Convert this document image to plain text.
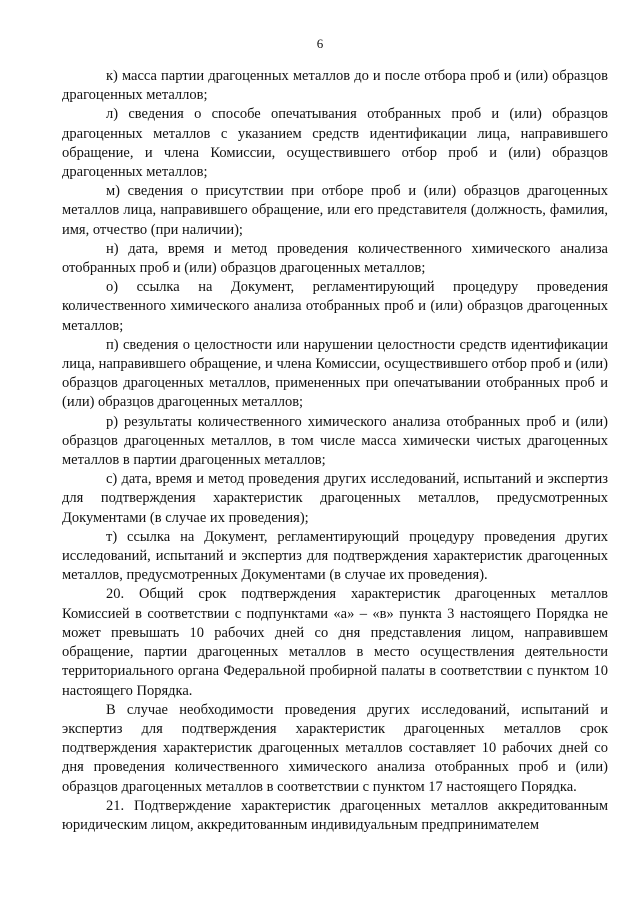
6

к) масса партии драгоценных металлов до и после отбора проб и (или) образцов драгоценных металлов;

л) сведения о способе опечатывания отобранных проб и (или) образцов драгоценных металлов с указанием средств идентификации лица, направившего обращение, и члена Комиссии, осуществившего отбор проб и (или) образцов драгоценных металлов;

м) сведения о присутствии при отборе проб и (или) образцов драгоценных металлов лица, направившего обращение, или его представителя (должность, фамилия, имя, отчество (при наличии);

н) дата, время и метод проведения количественного химического анализа отобранных проб и (или) образцов драгоценных металлов;

о) ссылка на Документ, регламентирующий процедуру проведения количественного химического анализа отобранных проб и (или) образцов драгоценных металлов;

п) сведения о целостности или нарушении целостности средств идентификации лица, направившего обращение, и члена Комиссии, осуществившего отбор проб и (или) образцов драгоценных металлов, примененных при опечатывании отобранных проб и (или) образцов драгоценных металлов;

р) результаты количественного химического анализа отобранных проб и (или) образцов драгоценных металлов, в том числе масса химически чистых драгоценных металлов в партии драгоценных металлов;

с) дата, время и метод проведения других исследований, испытаний и экспертиз для подтверждения характеристик драгоценных металлов, предусмотренных Документами (в случае их проведения);

т) ссылка на Документ, регламентирующий процедуру проведения других исследований, испытаний и экспертиз для подтверждения характеристик драгоценных металлов, предусмотренных Документами (в случае их проведения).

20. Общий срок подтверждения характеристик драгоценных металлов Комиссией в соответствии с подпунктами «а» – «в» пункта 3 настоящего Порядка не может превышать 10 рабочих дней со дня представления лицом, направившем обращение, партии драгоценных металлов в место осуществления деятельности территориального органа Федеральной пробирной палаты в соответствии с пунктом 10 настоящего Порядка.

В случае необходимости проведения других исследований, испытаний и экспертиз для подтверждения характеристик драгоценных металлов срок подтверждения характеристик драгоценных металлов составляет 10 рабочих дней со дня проведения количественного химического анализа отобранных проб и (или) образцов драгоценных металлов в соответствии с пунктом 17 настоящего Порядка.

21. Подтверждение характеристик драгоценных металлов аккредитованным юридическим лицом, аккредитованным индивидуальным предпринимателем
